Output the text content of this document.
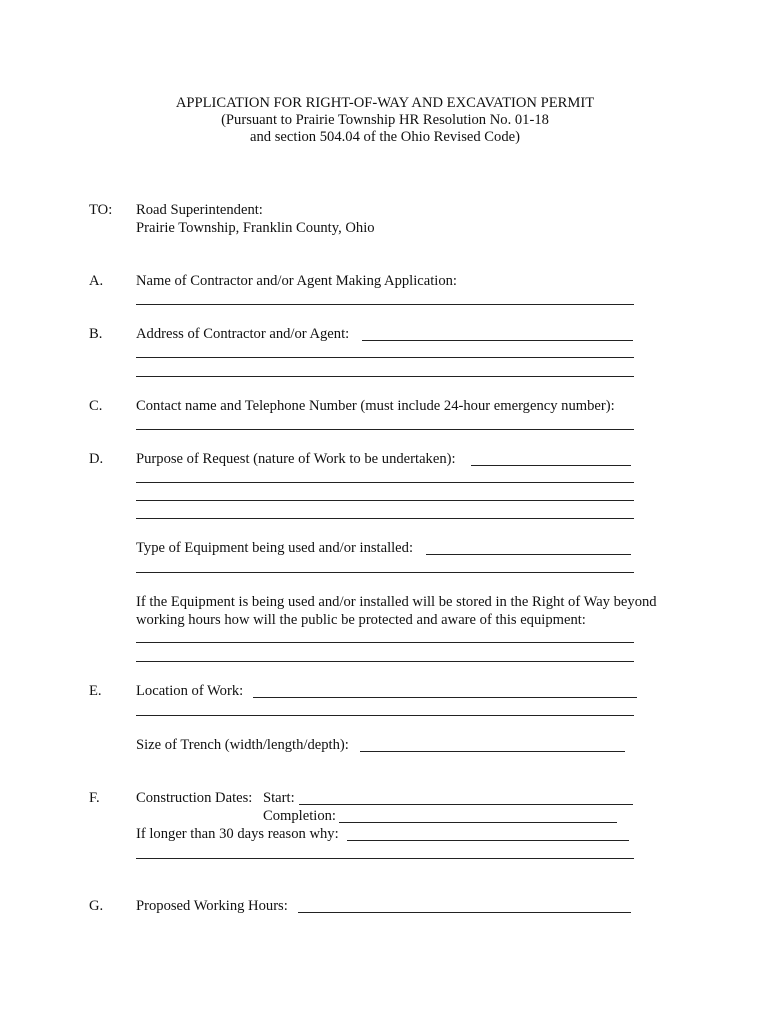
APPLICATION FOR RIGHT-OF-WAY AND EXCAVATION PERMIT
(Pursuant to Prairie Township HR Resolution No. 01-18
and section 504.04 of the Ohio Revised Code)
TO: Road Superintendent:
Prairie Township, Franklin County, Ohio
A. Name of Contractor and/or Agent Making Application:
B. Address of Contractor and/or Agent:
C. Contact name and Telephone Number (must include 24-hour emergency number):
D. Purpose of Request (nature of Work to be undertaken):
Type of Equipment being used and/or installed:
If the Equipment is being used and/or installed will be stored in the Right of Way beyond
working hours how will the public be protected and aware of this equipment:
E. Location of Work:
Size of Trench (width/length/depth):
F. Construction Dates: Start:
Completion:
If longer than 30 days reason why:
G. Proposed Working Hours:
